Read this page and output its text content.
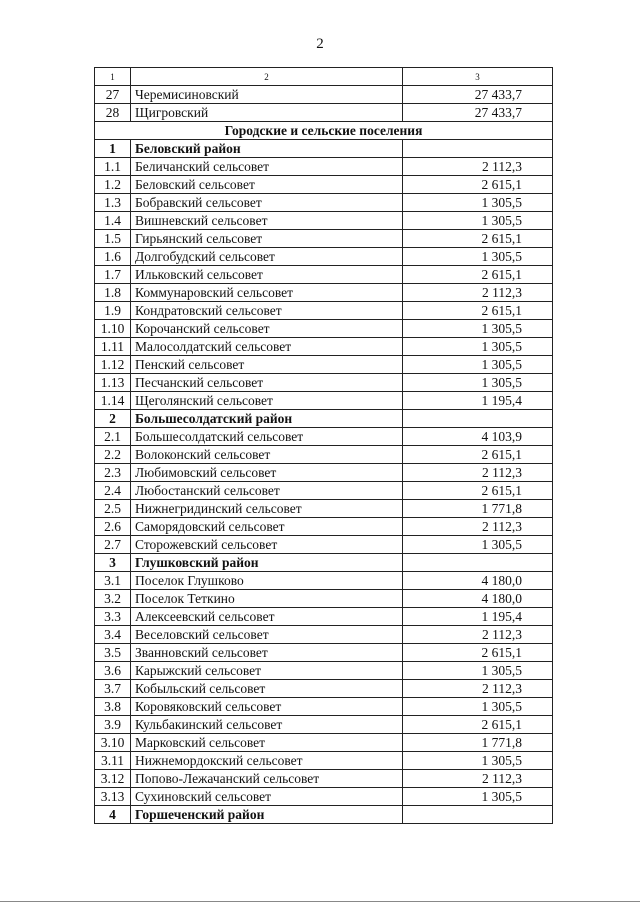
2
1	2	3
27	Черемисиновский	27 433,7
28	Щигровский	27 433,7
Городские и сельские поселения		
1	Беловский район	
1.1	Беличанский сельсовет	2 112,3
1.2	Беловский сельсовет	2 615,1
1.3	Бобравский сельсовет	1 305,5
1.4	Вишневский сельсовет	1 305,5
1.5	Гирьянский сельсовет	2 615,1
1.6	Долгобудский сельсовет	1 305,5
1.7	Ильковский сельсовет	2 615,1
1.8	Коммунаровский сельсовет	2 112,3
1.9	Кондратовский сельсовет	2 615,1
1.10	Корочанский сельсовет	1 305,5
1.11	Малосолдатский сельсовет	1 305,5
1.12	Пенский сельсовет	1 305,5
1.13	Песчанский сельсовет	1 305,5
1.14	Щеголянский сельсовет	1 195,4
2	Большесолдатский район	
2.1	Большесолдатский сельсовет	4 103,9
2.2	Волоконский сельсовет	2 615,1
2.3	Любимовский сельсовет	2 112,3
2.4	Любостанский сельсовет	2 615,1
2.5	Нижнегридинский сельсовет	1 771,8
2.6	Саморядовский сельсовет	2 112,3
2.7	Сторожевский сельсовет	1 305,5
3	Глушковский район	
3.1	Поселок Глушково	4 180,0
3.2	Поселок Теткино	4 180,0
3.3	Алексеевский сельсовет	1 195,4
3.4	Веселовский сельсовет	2 112,3
3.5	Званновский сельсовет	2 615,1
3.6	Карыжский сельсовет	1 305,5
3.7	Кобыльский сельсовет	2 112,3
3.8	Коровяковский сельсовет	1 305,5
3.9	Кульбакинский сельсовет	2 615,1
3.10	Марковский сельсовет	1 771,8
3.11	Нижнемордокский сельсовет	1 305,5
3.12	Попово-Лежачанский сельсовет	2 112,3
3.13	Сухиновский сельсовет	1 305,5
4	Горшеченский район	
